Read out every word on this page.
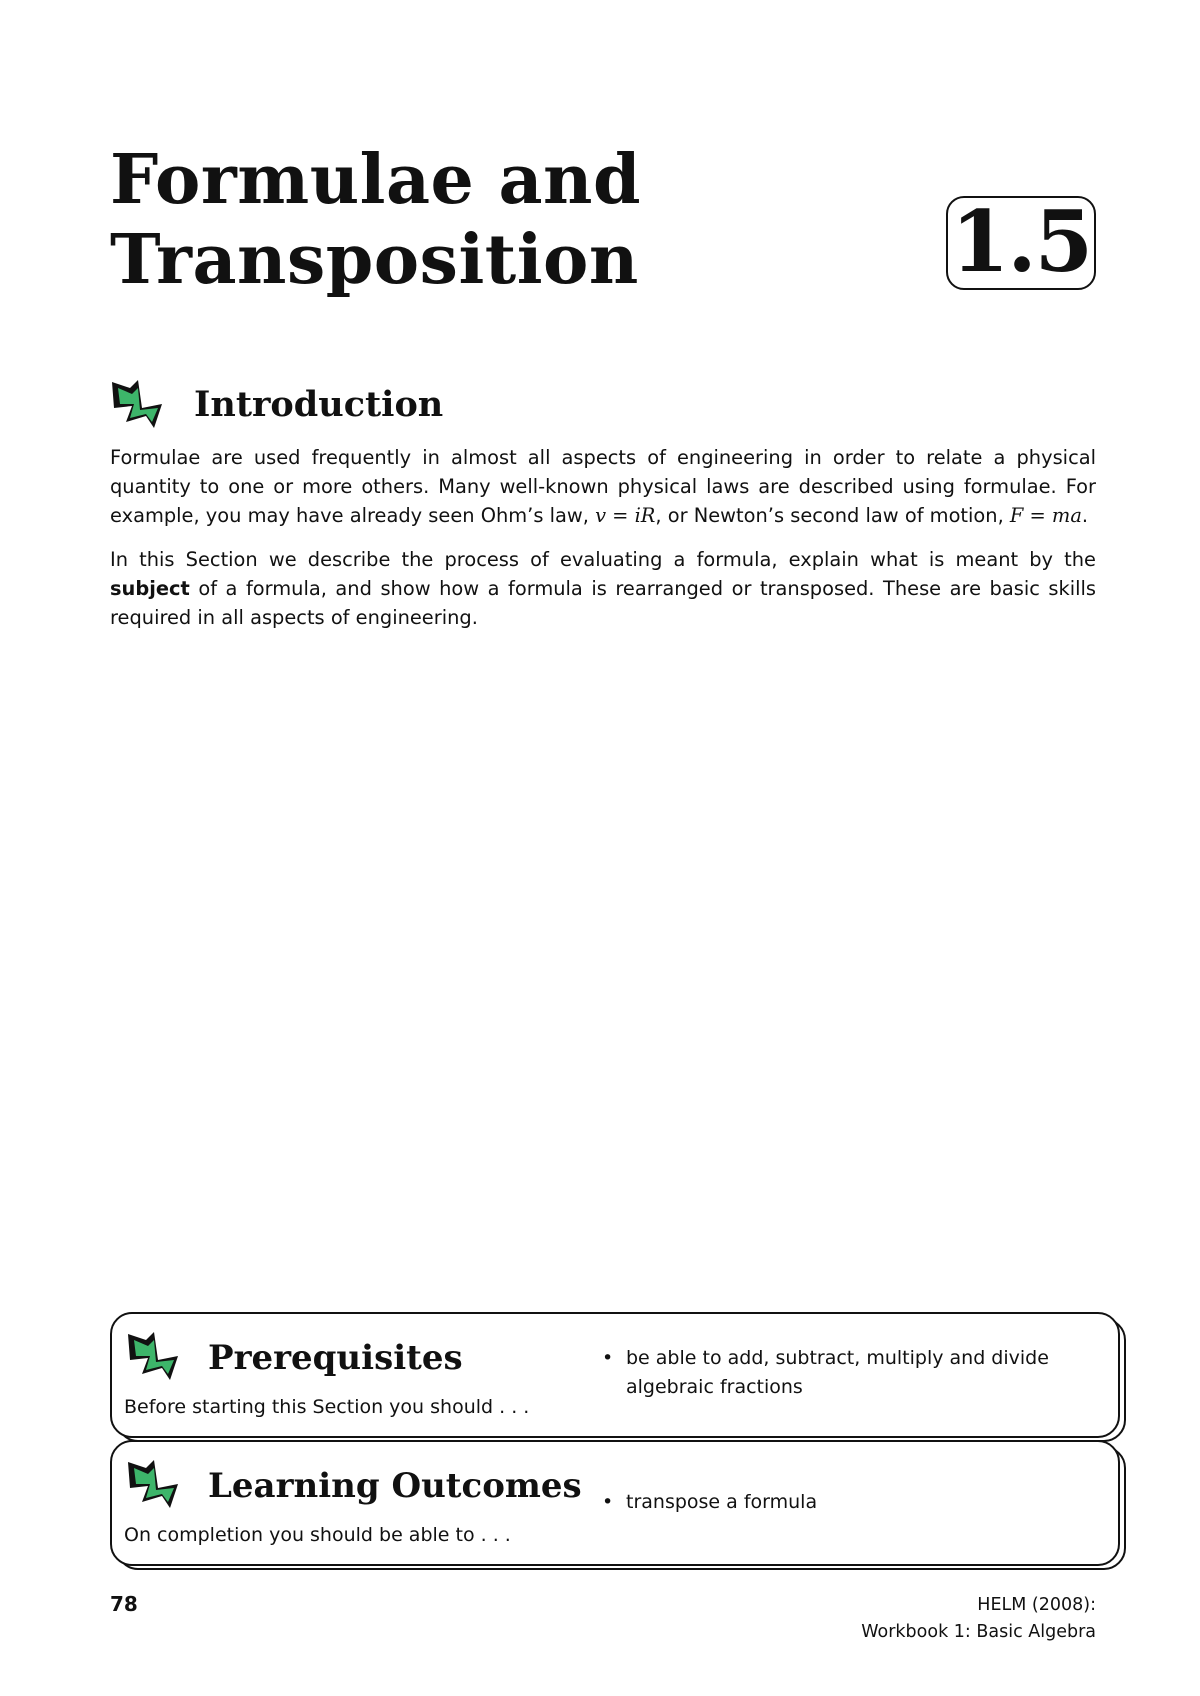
Formulae and
Transposition	1.5
Introduction

Formulae are used frequently in almost all aspects of engineering in order to relate a physical quantity to one or more others. Many well-known physical laws are described using formulae. For example, you may have already seen Ohm’s law, v = iR, or Newton’s second law of motion, F = ma.

In this Section we describe the process of evaluating a formula, explain what is meant by the subject of a formula, and show how a formula is rearranged or transposed. These are basic skills required in all aspects of engineering.

Prerequisites
Before starting this Section you should . . .
• be able to add, subtract, multiply and divide algebraic fractions
Learning Outcomes
On completion you should be able to . . .
• transpose a formula
78	HELM (2008):
Workbook 1: Basic Algebra
